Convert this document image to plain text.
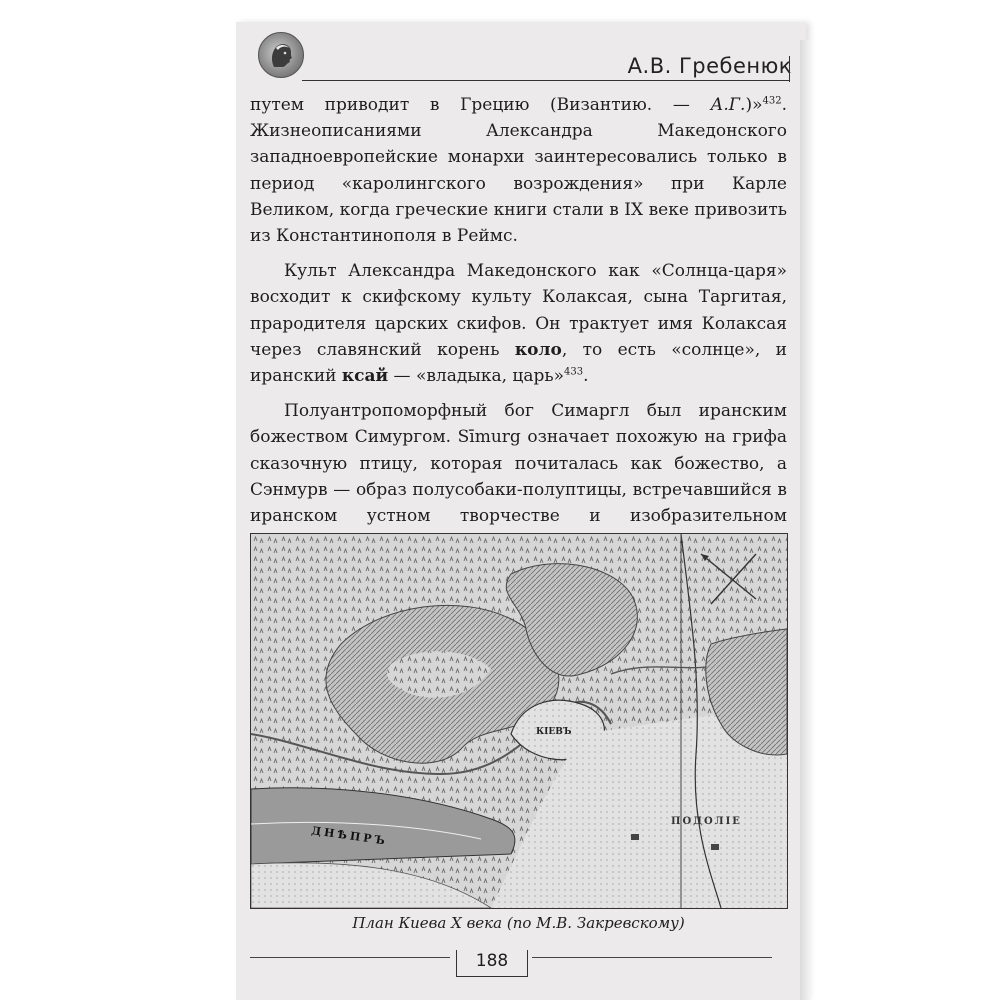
А.В. Гребенюк

путем приводит в Грецию (Византию. — А.Г.)»$^{432}$. Жизнеописаниями Александра Македонского западноевропейские монархи заинтересовались только в период «каролингского возрождения» при Карле Великом, когда греческие книги стали в IX веке привозить из Константинополя в Реймс.

Культ Александра Македонского как «Солнца-царя» восходит к скифскому культу Колаксая, сына Таргитая, прародителя царских скифов. Он трактует имя Колаксая через славянский корень коло, то есть «солнце», и иранский ксай — «владыка, царь»$^{433}$.

Полуантропоморфный бог Симаргл был иранским божеством Симургом. Sīmurg означает похожую на грифа сказочную птицу, которая почиталась как божество, а Сэнмурв — образ полусобаки-полуптицы, встречавшийся в иранском устном творчестве и изобразительном

КІЕВЪ
ПОДОЛІЕ
ДНѢПРЪ
План Киева X века (по М.В. Закревскому)
188
